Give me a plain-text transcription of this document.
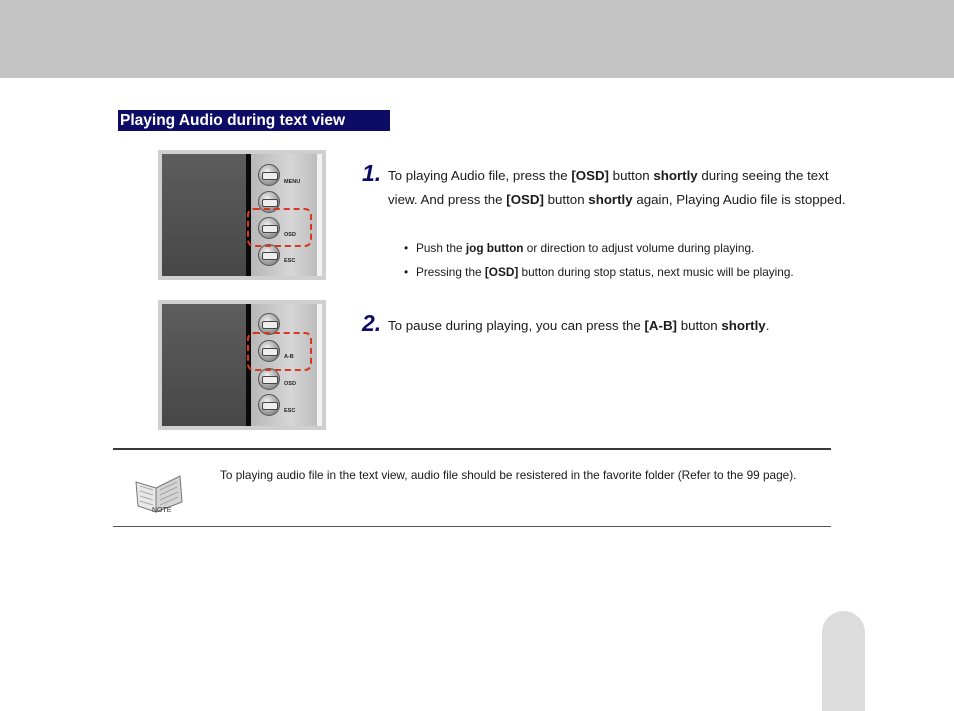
Playing Audio during text view
MENU
OSD
ESC
A-B
OSD
ESC
1. To playing Audio file, press the [OSD] button shortly during seeing the text view. And press the [OSD] button shortly again, Playing Audio file is stopped.
• Push the jog button or direction to adjust volume during playing.
• Pressing the [OSD] button during stop status, next music will be playing.
2. To pause during playing, you can press the [A-B] button shortly.
NOTE
To playing audio file in the text view, audio file should be resistered in the favorite folder (Refer to the 99 page).
